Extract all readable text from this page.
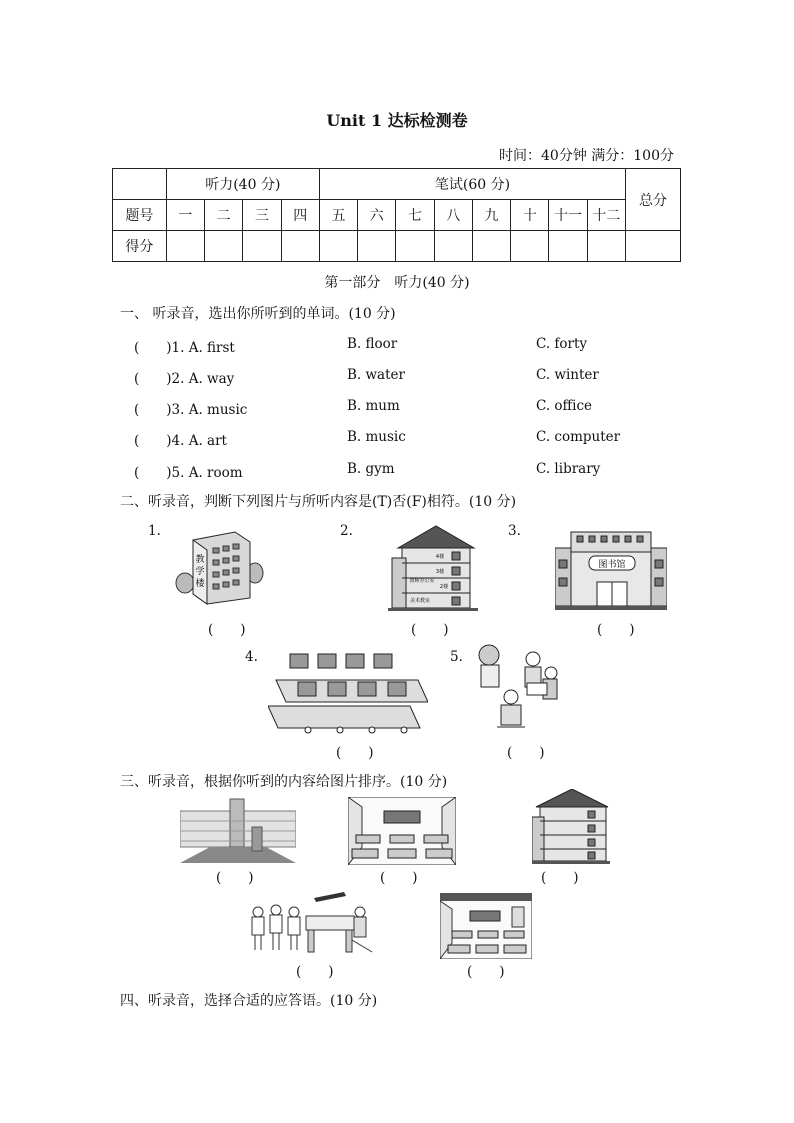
Unit 1 达标检测卷
时间：40分钟 满分：100分
	听力(40 分)				笔试(60 分)								总分
题号	一	二	三	四	五	六	七	八	九	十	十一	十二	
得分													
第一部分　听力(40 分)
一、 听录音，选出你所听到的单词。(10 分)
(　　)1. A. first	B. floor	C. forty
(　　)2. A. way	B. water	C. winter
(　　)3. A. music	B. mum	C. office
(　　)4. A. art	B. music	C. computer
(　　)5. A. room	B. gym	C. library
二、听录音，判断下列图片与所听内容是(T)否(F)相符。(10 分)
1.	2.	3.
4.	5.
教
学
楼
4楼
3楼
教师办公室
2楼
美术教室
图书馆
(　　)	(　　)	(　　)
(　　)	(　　)
三、听录音，根据你听到的内容给图片排序。(10 分)
(　　)	(　　)	(　　)
(　　)	(　　)
四、听录音，选择合适的应答语。(10 分)
